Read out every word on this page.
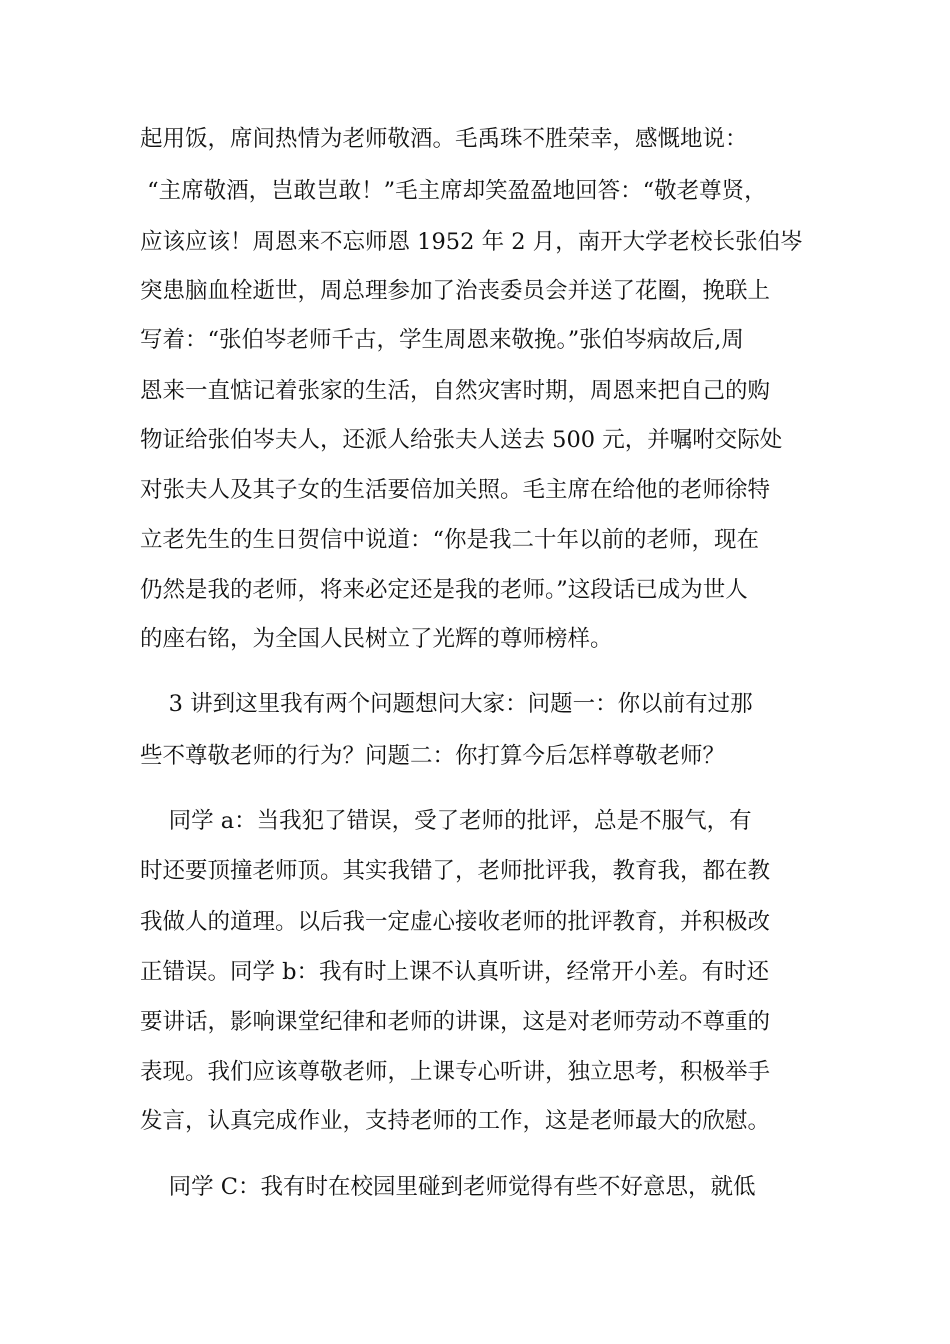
起用饭，席间热情为老师敬酒。毛禹珠不胜荣幸，感慨地说：
“主席敬酒，岂敢岂敢！”毛主席却笑盈盈地回答：“敬老尊贤，
应该应该！周恩来不忘师恩 1952 年 2 月，南开大学老校长张伯岑
突患脑血栓逝世，周总理参加了治丧委员会并送了花圈，挽联上
写着：“张伯岑老师千古，学生周恩来敬挽。”张伯岑病故后,周
恩来一直惦记着张家的生活，自然灾害时期，周恩来把自己的购
物证给张伯岑夫人，还派人给张夫人送去 500 元，并嘱咐交际处
对张夫人及其子女的生活要倍加关照。毛主席在给他的老师徐特
立老先生的生日贺信中说道：“你是我二十年以前的老师，现在
仍然是我的老师，将来必定还是我的老师。”这段话已成为世人
的座右铭，为全国人民树立了光辉的尊师榜样。
3 讲到这里我有两个问题想问大家：问题一：你以前有过那
些不尊敬老师的行为？问题二：你打算今后怎样尊敬老师？
同学 a：当我犯了错误，受了老师的批评，总是不服气，有
时还要顶撞老师顶。其实我错了，老师批评我，教育我，都在教
我做人的道理。以后我一定虚心接收老师的批评教育，并积极改
正错误。同学 b：我有时上课不认真听讲，经常开小差。有时还
要讲话，影响课堂纪律和老师的讲课，这是对老师劳动不尊重的
表现。我们应该尊敬老师，上课专心听讲，独立思考，积极举手
发言，认真完成作业，支持老师的工作，这是老师最大的欣慰。
同学 C：我有时在校园里碰到老师觉得有些不好意思，就低
